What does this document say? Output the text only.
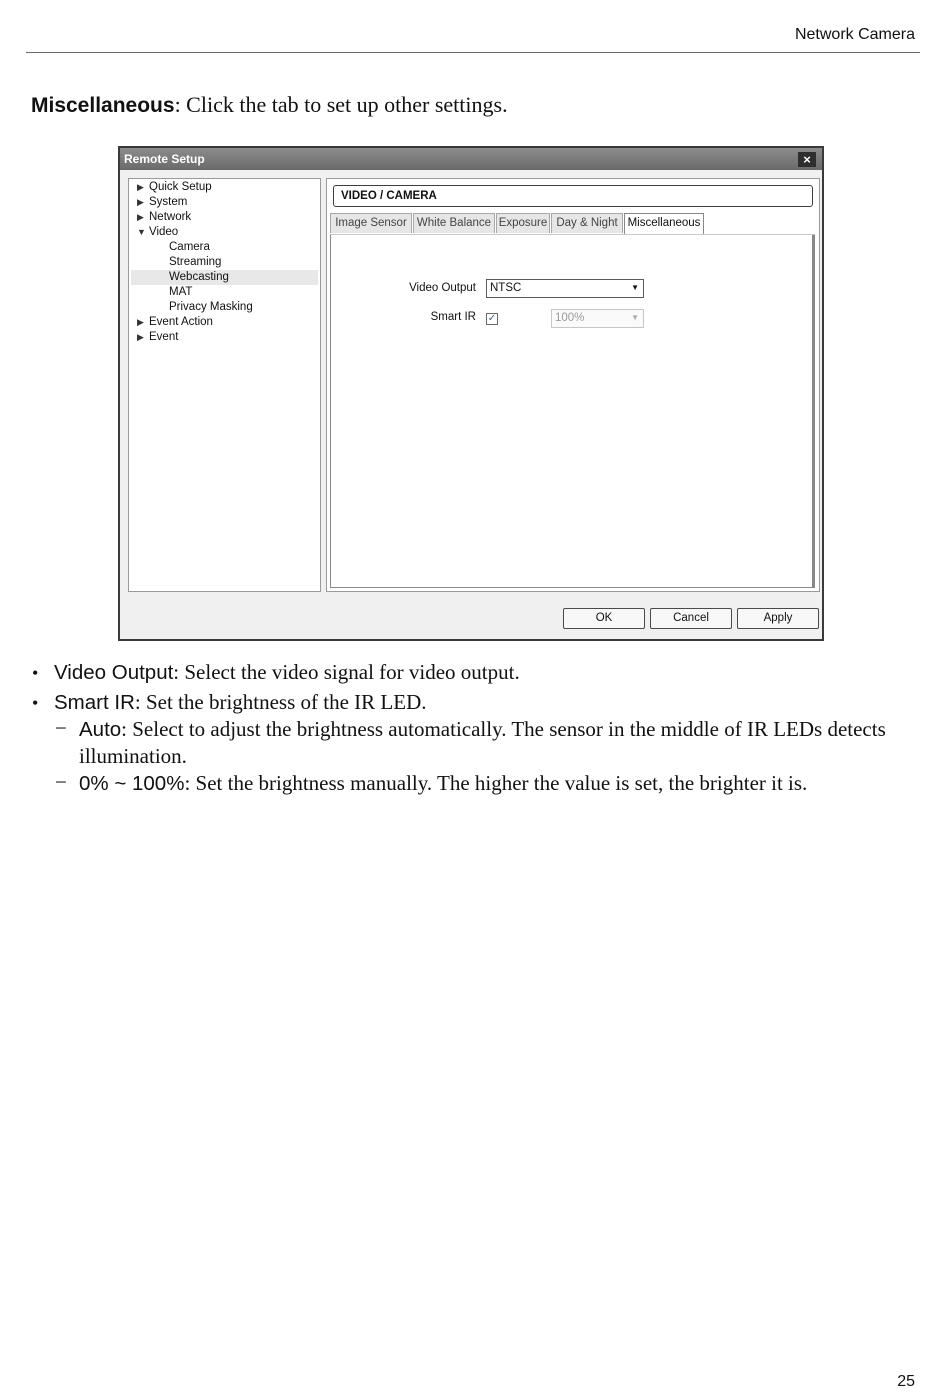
Network Camera
Miscellaneous: Click the tab to set up other settings.
Remote Setup	×
▶ Quick Setup
▶ System
▶ Network
▼ Video
Camera
Streaming
Webcasting
MAT
Privacy Masking
▶ Event Action
▶ Event
VIDEO / CAMERA
Image Sensor White Balance Exposure Day & Night Miscellaneous
Video Output NTSC	▼
Smart IR ✓	100%	▼
OK	Cancel	Apply
• Video Output: Select the video signal for video output.
• Smart IR: Set the brightness of the IR LED.
− Auto: Select to adjust the brightness automatically. The sensor in the middle of IR LEDs detects illumination.
− 0% ~ 100%: Set the brightness manually. The higher the value is set, the brighter it is.
25
